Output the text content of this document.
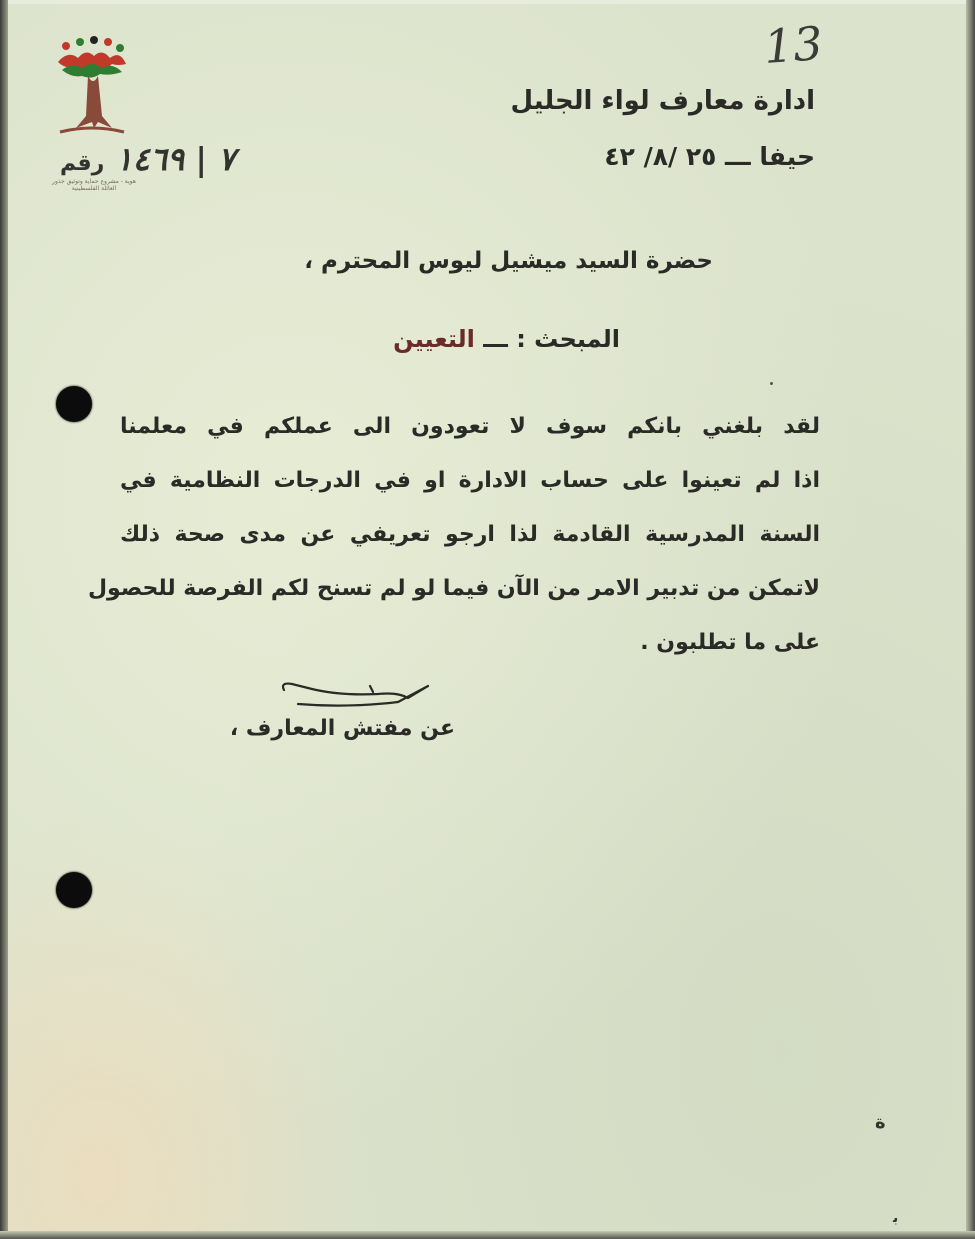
هوية - مشروع حماية وتوثيق جذور العائلة الفلسطينية
13
ادارة معارف لواء الجليل
حيفا ـــ ٢٥ /٨/ ٤٢
٧ | ١٤٦٩ رقم
حضرة السيد ميشيل ليوس المحترم ،
المبحث : ـــ التعيين
لقد بلغني بانكم سوف لا تعودون الى عملكم في معلمنا
اذا لم تعينوا على حساب الادارة او في الدرجات النظامية في
السنة المدرسية القادمة لذا ارجو تعريفي عن مدى صحة ذلك
لاتمكن من تدبير الامر من الآن فيما لو لم تسنح لكم الفرصة للحصول
على ما تطلبون .
عن مفتش المعارف ،
ة
ﺑ
